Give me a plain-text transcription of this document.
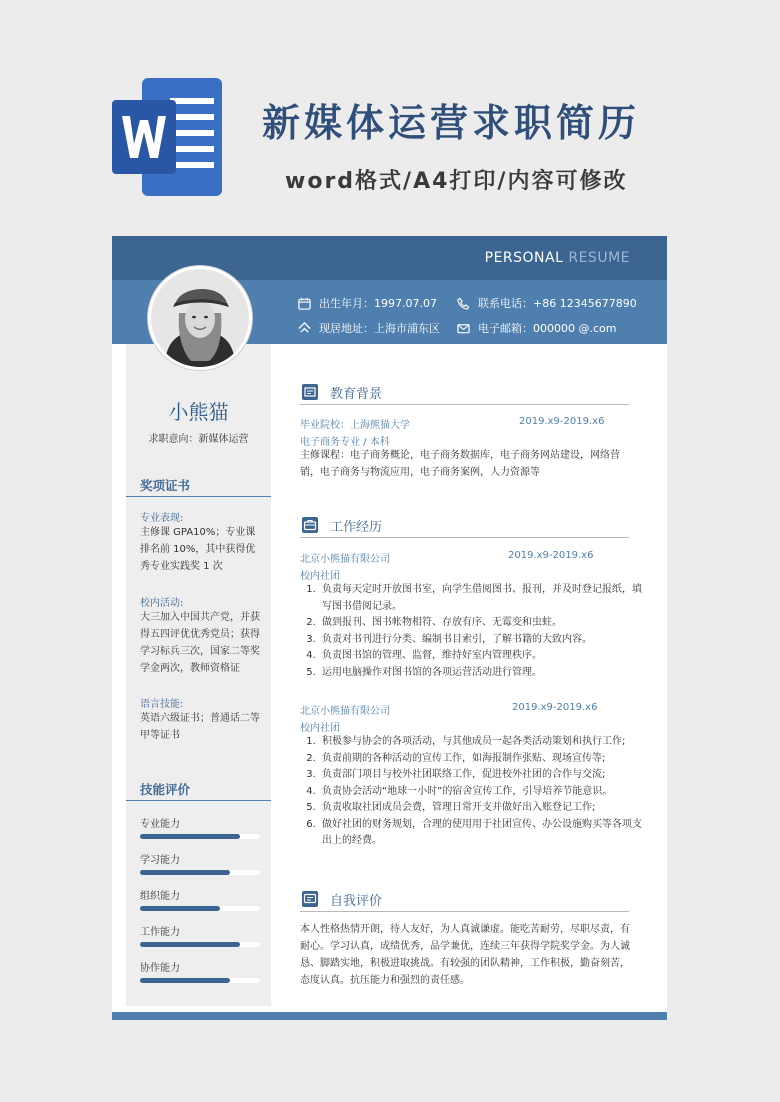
新媒体运营求职简历
word格式/A4打印/内容可修改
PERSONAL RESUME
出生年月：1997.07.07
现居地址：上海市浦东区
联系电话：+86 12345677890
电子邮箱：000000 @.com
小熊猫
求职意向：新媒体运营
奖项证书
专业表现:
主修课 GPA10%；专业课排名前 10%，其中获得优秀专业实践奖 1 次
校内活动:
大三加入中国共产党，并获得五四评优优秀党员；获得学习标兵三次，国家二等奖学金两次，教师资格证
语言技能:
英语六级证书；普通话二等甲等证书
技能评价
专业能力
学习能力
组织能力
工作能力
协作能力
教育背景
毕业院校：上海熊猫大学	2019.x9-2019.x6
电子商务专业 / 本科
主修课程：电子商务概论，电子商务数据库，电子商务网站建设，网络营销，电子商务与物流应用，电子商务案例，人力资源等
工作经历
北京小熊猫有限公司	2019.x9-2019.x6
校内社团
1. 负责每天定时开放图书室，向学生借阅图书、报刊，并及时登记报纸，填写图书借阅记录。
2. 做到报刊、图书帐物相符、存放有序、无霉变和虫蛀。
3. 负责对书刊进行分类、编制书目索引，了解书籍的大致内容。
4. 负责图书馆的管理、监督，维持好室内管理秩序。
5. 运用电脑操作对图书馆的各项运营活动进行管理。
北京小熊猫有限公司	2019.x9-2019.x6
校内社团
1. 积极参与协会的各项活动，与其他成员一起各类活动策划和执行工作;
2. 负责前期的各种活动的宣传工作，如海报制作张贴、现场宣传等;
3. 负责部门项目与校外社团联络工作，促进校外社团的合作与交流;
4. 负责协会活动“地球一小时”的宿舍宣传工作，引导培养节能意识。
5. 负责收取社团成员会费，管理日常开支并做好出入账登记工作;
6. 做好社团的财务规划，合理的使用用于社团宣传、办公设施购买等各项支出上的经费。
自我评价
本人性格热情开朗，待人友好，为人真诚谦虚。能吃苦耐劳，尽职尽责，有耐心。学习认真，成绩优秀，品学兼优，连续三年获得学院奖学金。为人诚恳、脚踏实地，积极进取挑战。有较强的团队精神，工作积极，勤奋刻苦，态度认真。抗压能力和强烈的责任感。
